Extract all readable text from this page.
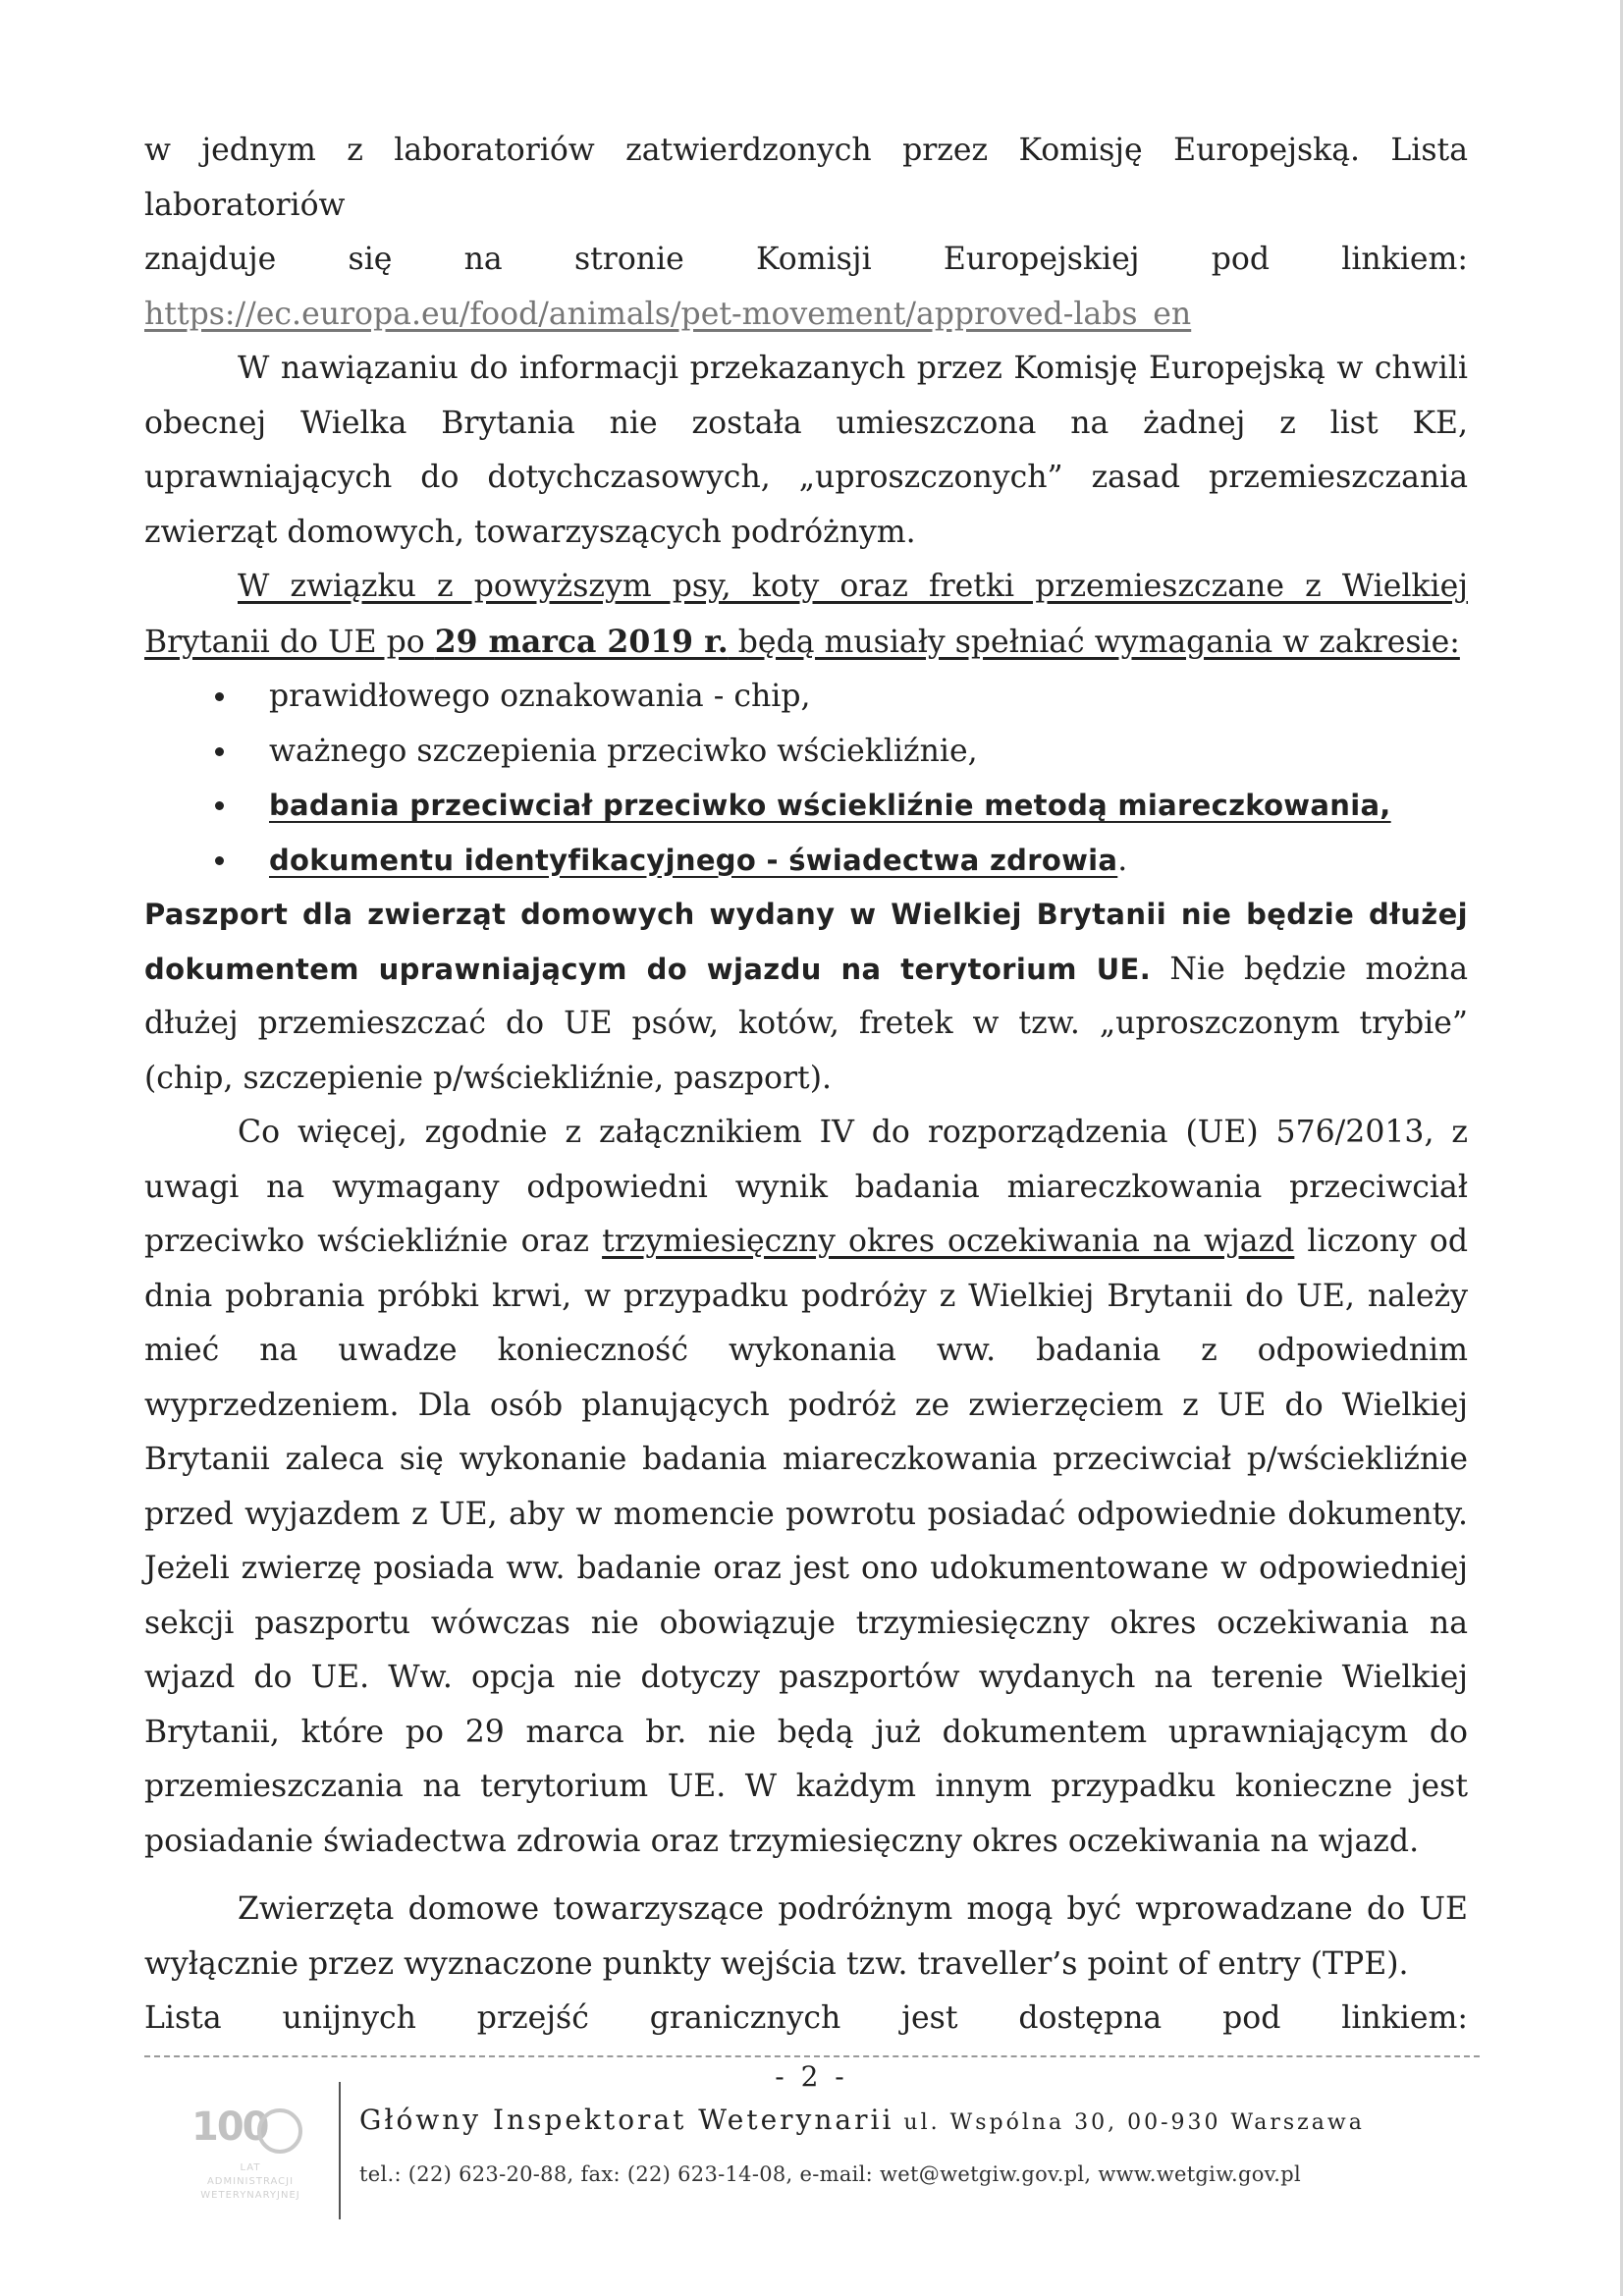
w jednym z laboratoriów zatwierdzonych przez Komisję Europejską. Lista laboratoriów

znajduje się na stronie Komisji Europejskiej pod linkiem:

https://ec.europa.eu/food/animals/pet-movement/approved-labs_en

W nawiązaniu do informacji przekazanych przez Komisję Europejską w chwili obecnej Wielka Brytania nie została umieszczona na żadnej z list KE, uprawniających do dotychczasowych, „uproszczonych” zasad przemieszczania zwierząt domowych, towarzyszących podróżnym.

W związku z powyższym psy, koty oraz fretki przemieszczane z Wielkiej Brytanii do UE po 29 marca 2019 r. będą musiały spełniać wymagania w zakresie:

prawidłowego oznakowania - chip,
ważnego szczepienia przeciwko wściekliźnie,
badania przeciwciał przeciwko wściekliźnie metodą miareczkowania,
dokumentu identyfikacyjnego - świadectwa zdrowia.

Paszport dla zwierząt domowych wydany w Wielkiej Brytanii nie będzie dłużej dokumentem uprawniającym do wjazdu na terytorium UE. Nie będzie można dłużej przemieszczać do UE psów, kotów, fretek w tzw. „uproszczonym trybie” (chip, szczepienie p/wściekliźnie, paszport).

Co więcej, zgodnie z załącznikiem IV do rozporządzenia (UE) 576/2013, z uwagi na wymagany odpowiedni wynik badania miareczkowania przeciwciał przeciwko wściekliźnie oraz trzymiesięczny okres oczekiwania na wjazd liczony od dnia pobrania próbki krwi, w przypadku podróży z Wielkiej Brytanii do UE, należy mieć na uwadze konieczność wykonania ww. badania z odpowiednim wyprzedzeniem. Dla osób planujących podróż ze zwierzęciem z UE do Wielkiej Brytanii zaleca się wykonanie badania miareczkowania przeciwciał p/wściekliźnie przed wyjazdem z UE, aby w momencie powrotu posiadać odpowiednie dokumenty. Jeżeli zwierzę posiada ww. badanie oraz jest ono udokumentowane w odpowiedniej sekcji paszportu wówczas nie obowiązuje trzymiesięczny okres oczekiwania na wjazd do UE. Ww. opcja nie dotyczy paszportów wydanych na terenie Wielkiej Brytanii, które po 29 marca br. nie będą już dokumentem uprawniającym do przemieszczania na terytorium UE. W każdym innym przypadku konieczne jest posiadanie świadectwa zdrowia oraz trzymiesięczny okres oczekiwania na wjazd.

Zwierzęta domowe towarzyszące podróżnym mogą być wprowadzane do UE wyłącznie przez wyznaczone punkty wejścia tzw. traveller’s point of entry (TPE).

Lista unijnych przejść granicznych jest dostępna pod linkiem:

- 2 -
100
LAT
ADMINISTRACJI
WETERYNARYJNEJ
Główny Inspektorat Weterynarii ul. Wspólna 30, 00-930 Warszawa
tel.: (22) 623-20-88, fax: (22) 623-14-08, e-mail: wet@wetgiw.gov.pl, www.wetgiw.gov.pl
